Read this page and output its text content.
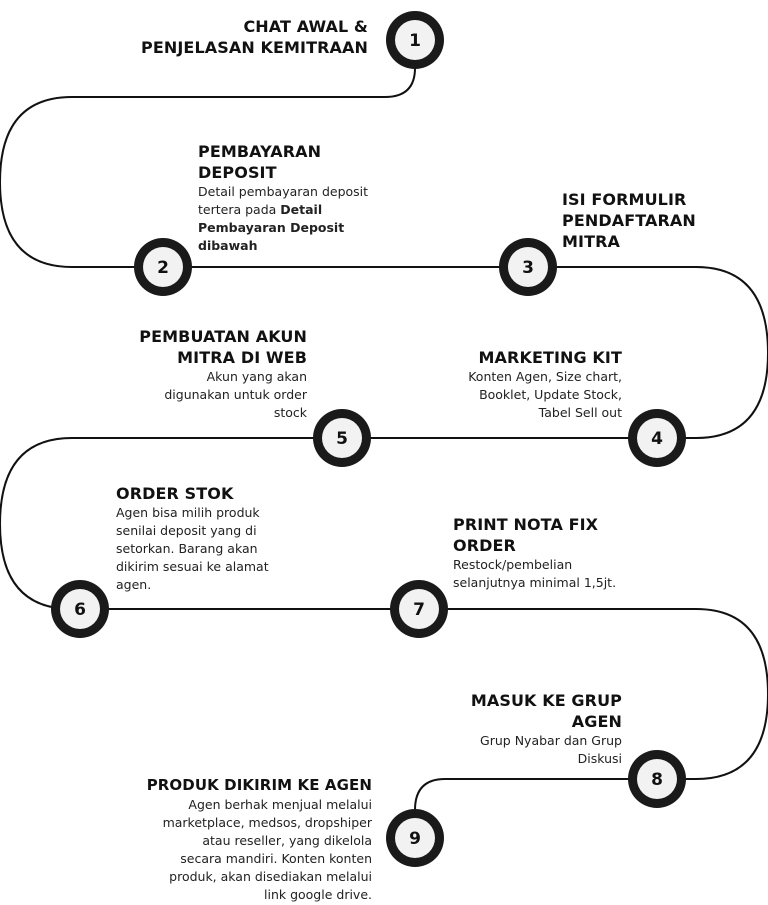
1
2	3
4
5
6	7
8
9
CHAT AWAL &
PENJELASAN KEMITRAAN
PEMBAYARAN
DEPOSIT
Detail pembayaran deposit
tertera pada Detail
Pembayaran Deposit
dibawah
ISI FORMULIR
PENDAFTARAN
MITRA
MARKETING KIT
Konten Agen, Size chart,
Booklet, Update Stock,
Tabel Sell out
PEMBUATAN AKUN
MITRA DI WEB
Akun yang akan
digunakan untuk order
stock
ORDER STOK
Agen bisa milih produk
senilai deposit yang di
setorkan. Barang akan
dikirim sesuai ke alamat
agen.
PRINT NOTA FIX
ORDER
Restock/pembelian
selanjutnya minimal 1,5jt.
MASUK KE GRUP
AGEN
Grup Nyabar dan Grup
Diskusi
PRODUK DIKIRIM KE AGEN
Agen berhak menjual melalui
marketplace, medsos, dropshiper
atau reseller, yang dikelola
secara mandiri. Konten konten
produk, akan disediakan melalui
link google drive.
